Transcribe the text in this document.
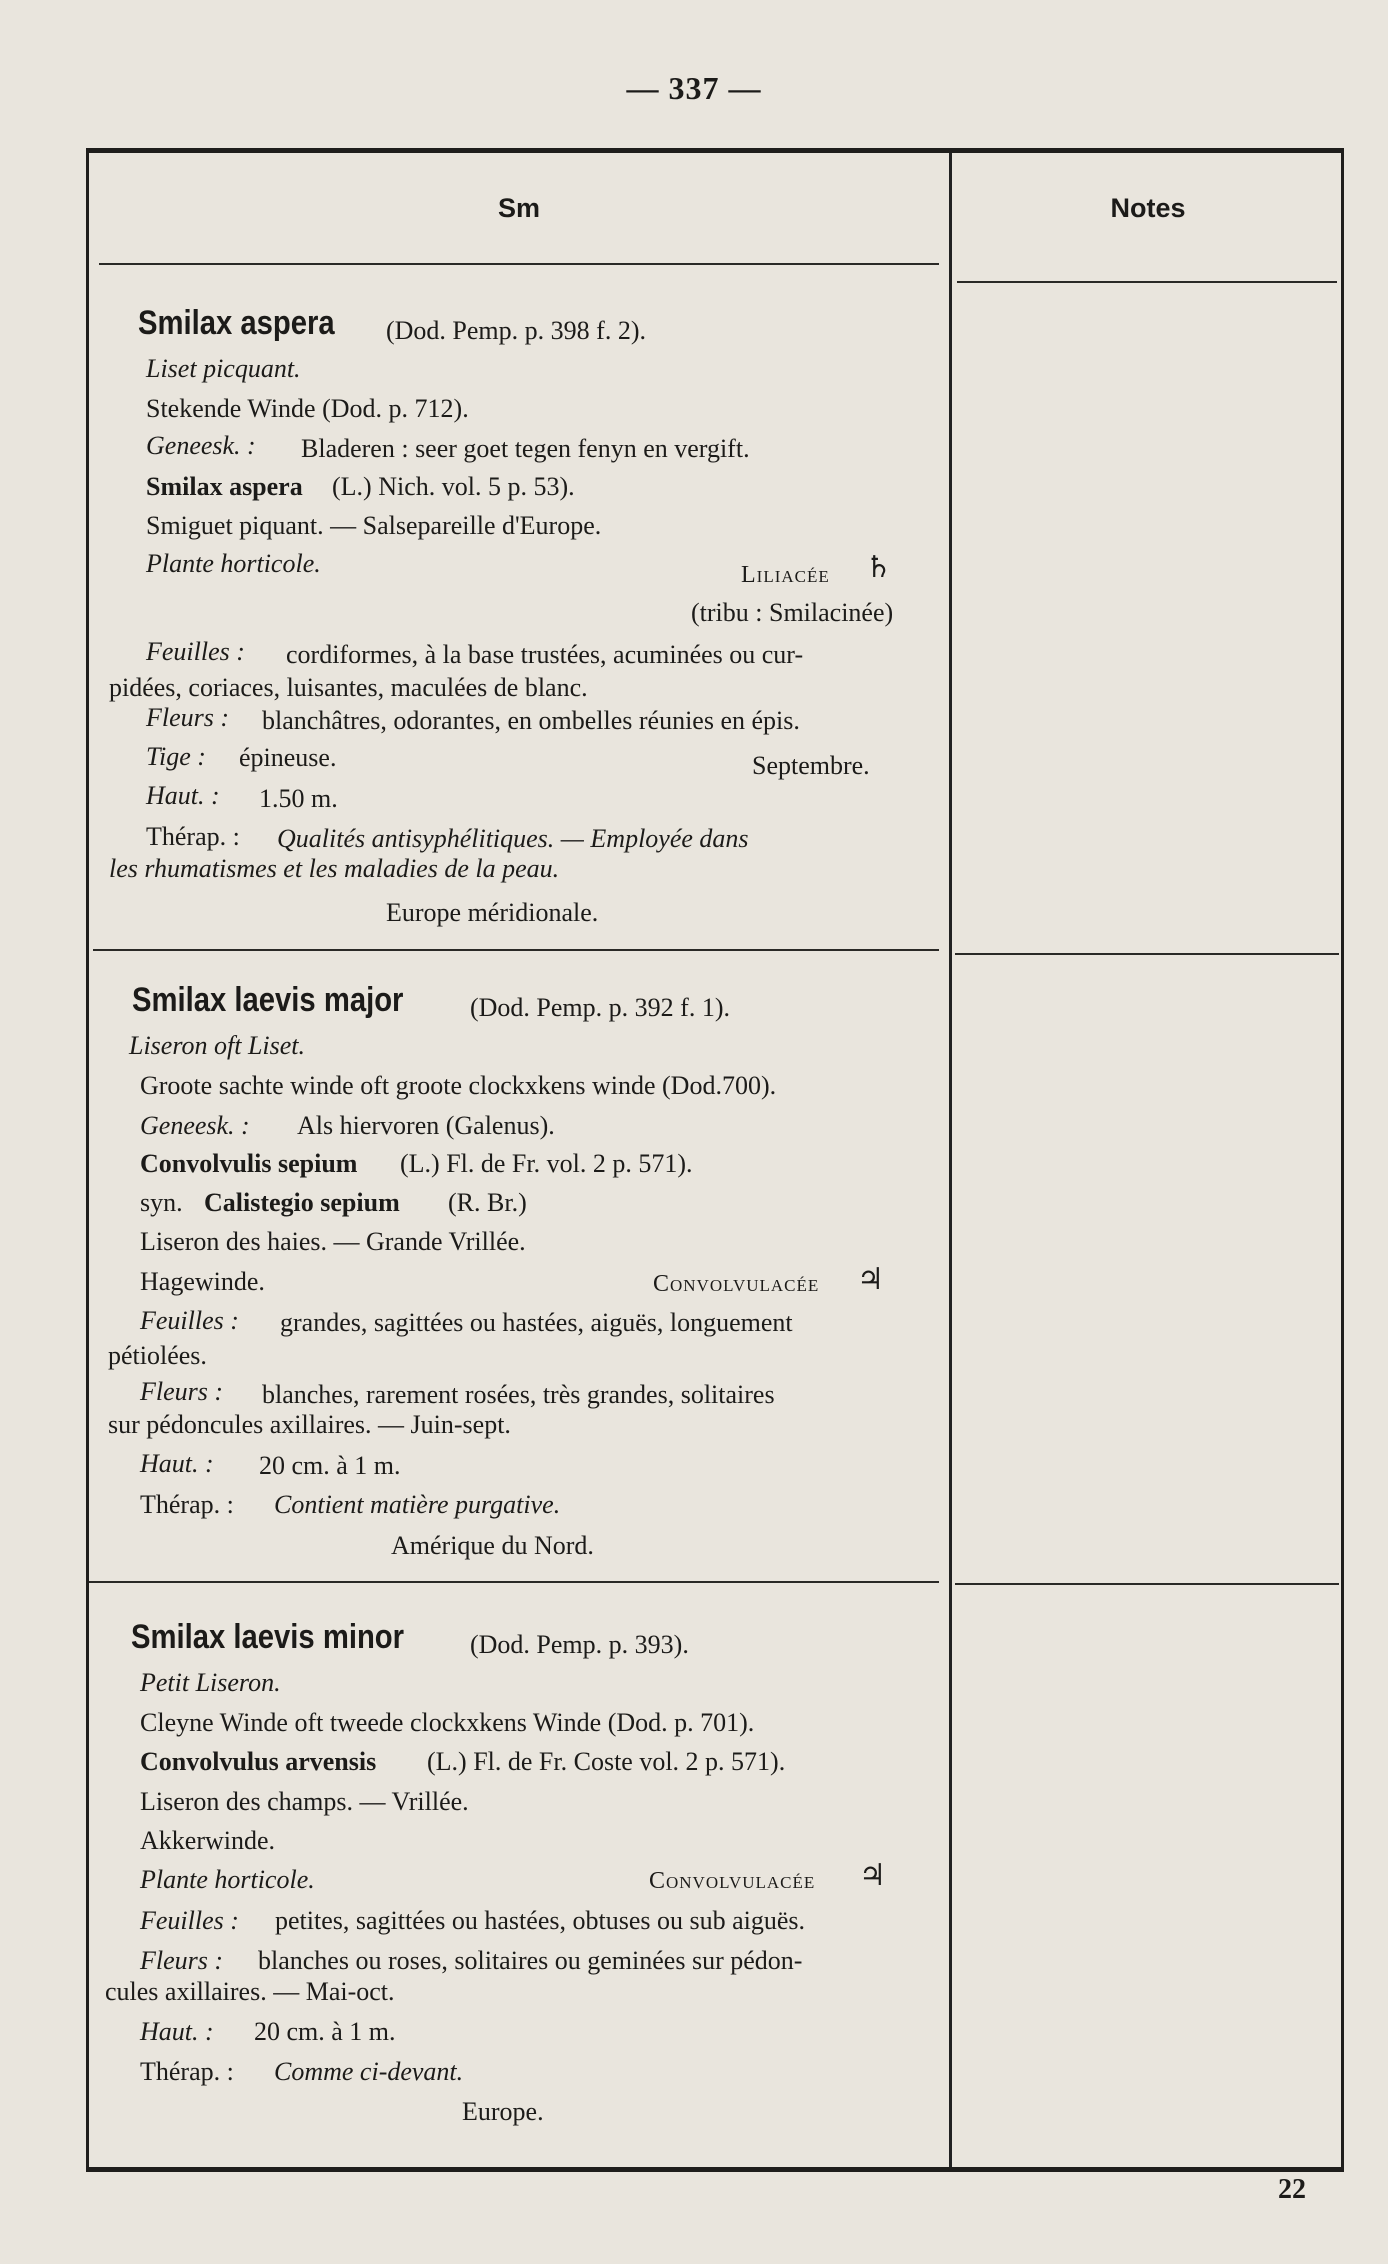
— 337 —
Sm	Notes
Smilax aspera (Dod. Pemp. p. 398 f. 2).
Liset picquant.
Stekende Winde (Dod. p. 712).
Geneesk. : Bladeren : seer goet tegen fenyn en vergift.
Smilax aspera (L.) Nich. vol. 5 p. 53).
Smiguet piquant. — Salsepareille d'Europe.
Plante horticole.	Liliacée ♄
(tribu : Smilacinée)
Feuilles : cordiformes, à la base trustées, acuminées ou cur-
pidées, coriaces, luisantes, maculées de blanc.
Fleurs : blanchâtres, odorantes, en ombelles réunies en épis.
Tige : épineuse.	Septembre.
Haut. : 1.50 m.
Thérap. : Qualités antisyphélitiques. — Employée dans
les rhumatismes et les maladies de la peau.
Europe méridionale.
Smilax laevis major	(Dod. Pemp. p. 392 f. 1).
Liseron oft Liset.
Groote sachte winde oft groote clockxkens winde (Dod.700).
Geneesk. : Als hiervoren (Galenus).
Convolvulis sepium (L.) Fl. de Fr. vol. 2 p. 571).
syn. Calistegio sepium (R. Br.)
Liseron des haies. — Grande Vrillée.
Hagewinde.	Convolvulacée ♃
Feuilles : grandes, sagittées ou hastées, aiguës, longuement
pétiolées.
Fleurs : blanches, rarement rosées, très grandes, solitaires
sur pédoncules axillaires. — Juin-sept.
Haut. : 20 cm. à 1 m.
Thérap. : Contient matière purgative.
Amérique du Nord.
Smilax laevis minor	(Dod. Pemp. p. 393).
Petit Liseron.
Cleyne Winde oft tweede clockxkens Winde (Dod. p. 701).
Convolvulus arvensis (L.) Fl. de Fr. Coste vol. 2 p. 571).
Liseron des champs. — Vrillée.
Akkerwinde.
Plante horticole.	Convolvulacée ♃
Feuilles : petites, sagittées ou hastées, obtuses ou sub aiguës.
Fleurs : blanches ou roses, solitaires ou geminées sur pédon-
cules axillaires. — Mai-oct.
Haut. : 20 cm. à 1 m.
Thérap. : Comme ci-devant.
Europe.
22
